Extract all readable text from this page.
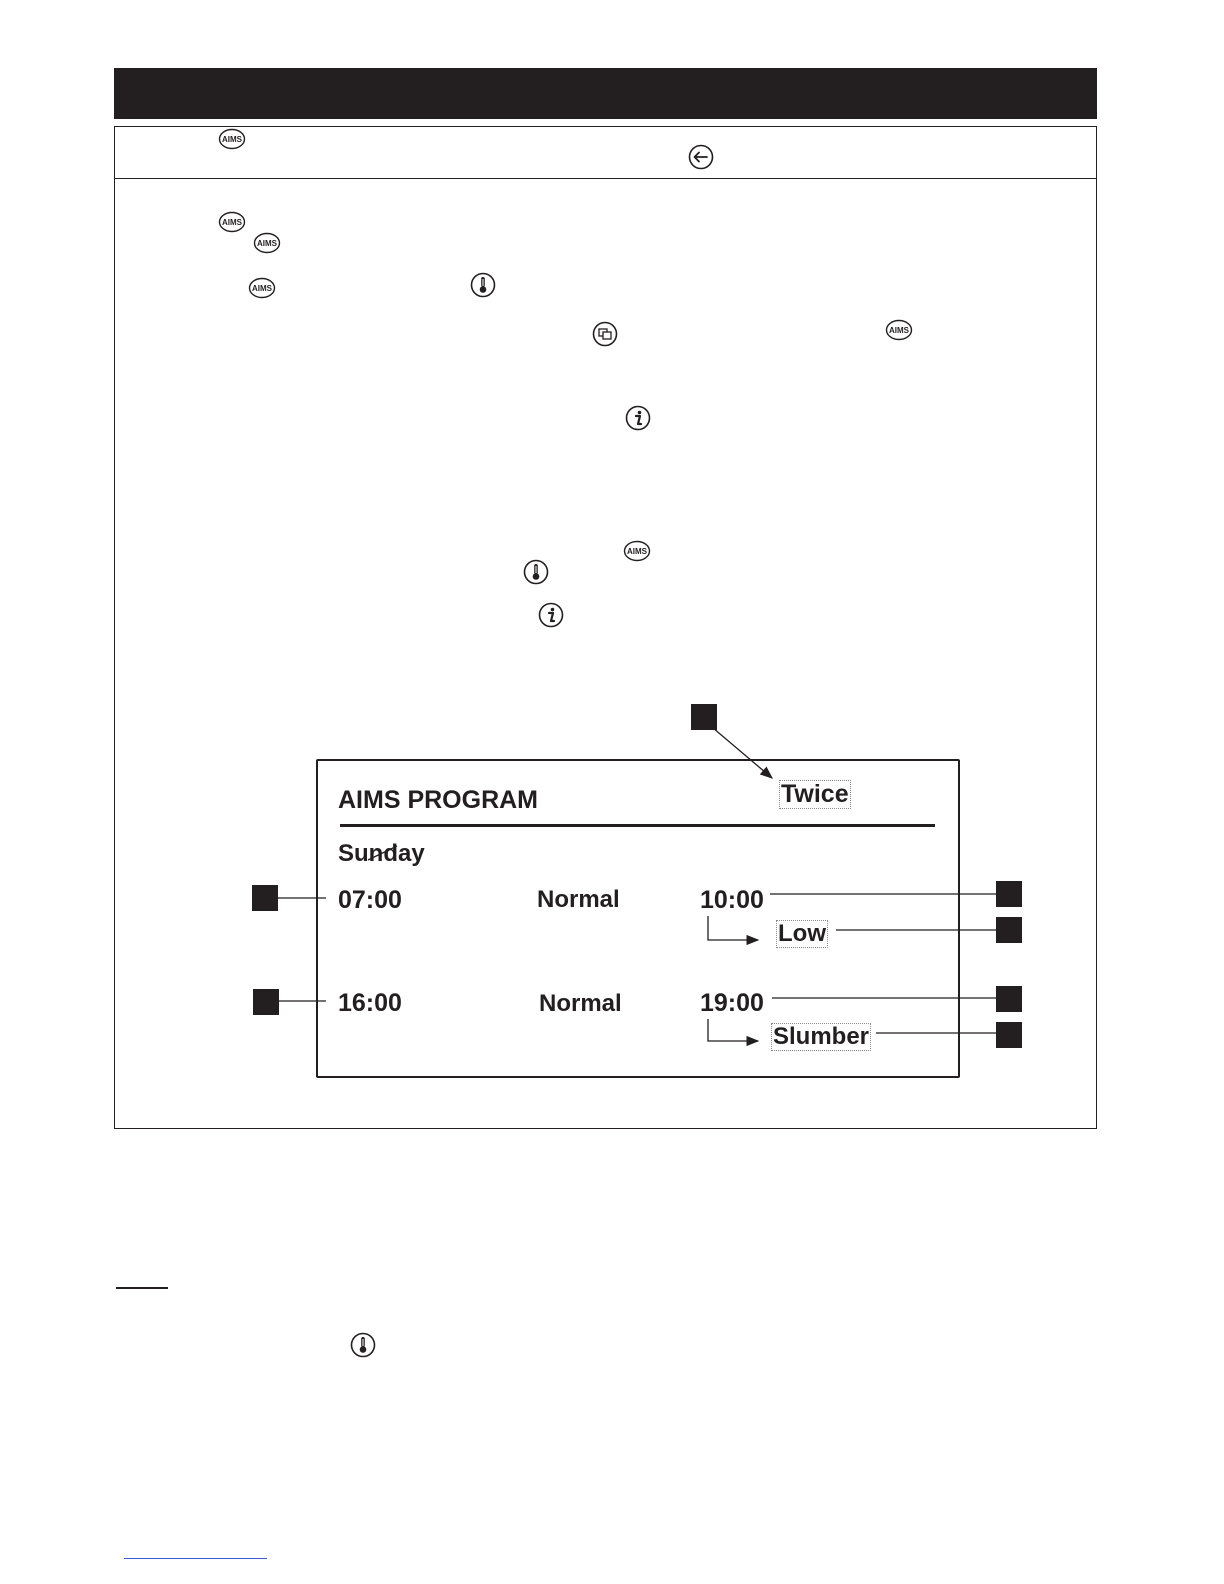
AIMS
AIMS
AIMS
AIMS
AIMS
AIMS
AIMS PROGRAM	Twice
Sunday
07:00	Normal	10:00
Low
16:00	Normal	19:00
Slumber
